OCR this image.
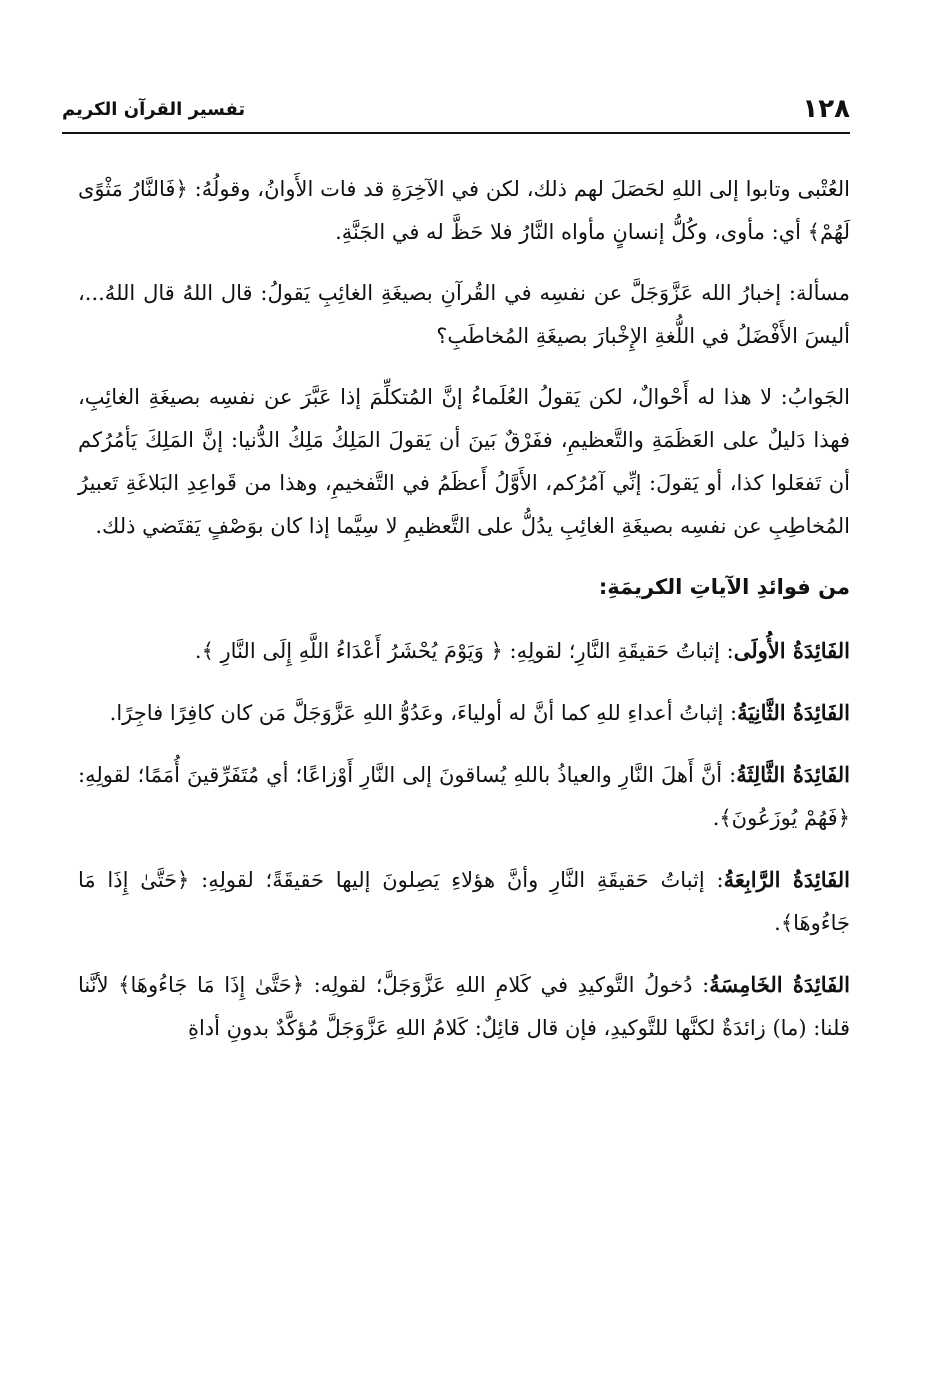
١٢٨
تفسير القرآن الكريم

العُتْبى وتابوا إلى اللهِ لحَصَلَ لهم ذلك، لكن في الآخِرَةِ قد فات الأَوانُ، وقولُهُ: ﴿فَالنَّارُ مَثْوًى لَهُمْ﴾ أي: مأوى، وكُلُّ إنسانٍ مأواه النَّارُ فلا حَظَّ له في الجَنَّةِ.

مسألة: إخبارُ الله عَزَّوَجَلَّ عن نفسِه في القُرآنِ بصيغَةِ الغائِبِ يَقولُ: قال اللهُ قال اللهُ...، أليسَ الأَفْضَلُ في اللُّغةِ الإِخْبارَ بصيغَةِ المُخاطَبِ؟

الجَوابُ: لا هذا له أَحْوالٌ، لكن يَقولُ العُلَماءُ إنَّ المُتكلِّمَ إذا عَبَّرَ عن نفسِه بصيغَةِ الغائِبِ، فهذا دَليلٌ على العَظَمَةِ والتَّعظيمِ، ففَرْقٌ بَينَ أن يَقولَ المَلِكُ مَلِكُ الدُّنيا: إنَّ المَلِكَ يَأمُرُكم أن تَفعَلوا كذا، أو يَقولَ: إنِّي آمُرُكم، الأَوَّلُ أَعظَمُ في التَّفخيمِ، وهذا من قَواعِدِ البَلاغَةِ تَعبيرُ المُخاطِبِ عن نفسِه بصيغَةِ الغائِبِ يدُلُّ على التَّعظيمِ لا سِيَّما إذا كان بوَصْفٍ يَقتَضي ذلك.

من فوائدِ الآياتِ الكريمَةِ:

الفَائِدَةُ الأُولَى: إثباتُ حَقيقَةِ النَّارِ؛ لقولِهِ: ﴿ وَيَوْمَ يُحْشَرُ أَعْدَاءُ اللَّهِ إِلَى النَّارِ ﴾.

الفَائِدَةُ الثَّانِيَةُ: إثباتُ أعداءِ للهِ كما أنَّ له أولياءَ، وعَدُوُّ اللهِ عَزَّوَجَلَّ مَن كان كافِرًا فاجِرًا.

الفَائِدَةُ الثَّالِثَةُ: أنَّ أَهلَ النَّارِ والعياذُ باللهِ يُساقونَ إلى النَّارِ أَوْزاعًا؛ أي مُتَفَرِّقينَ أُمَمًا؛ لقولِهِ: ﴿فَهُمْ يُوزَعُونَ﴾.

الفَائِدَةُ الرَّابِعَةُ: إثباتُ حَقيقَةِ النَّارِ وأنَّ هؤلاءِ يَصِلونَ إليها حَقيقَةً؛ لقولِهِ: ﴿حَتَّىٰ إِذَا مَا جَاءُوهَا﴾.

الفَائِدَةُ الخَامِسَةُ: دُخولُ التَّوكيدِ في كَلامِ اللهِ عَزَّوَجَلَّ؛ لقولِه: ﴿حَتَّىٰ إِذَا مَا جَاءُوهَا﴾ لأنَّنا قلنا: (ما) زائدَةٌ لكنَّها للتَّوكيدِ، فإن قال قائِلٌ: كَلامُ اللهِ عَزَّوَجَلَّ مُؤكَّدٌ بدونِ أداةِ
